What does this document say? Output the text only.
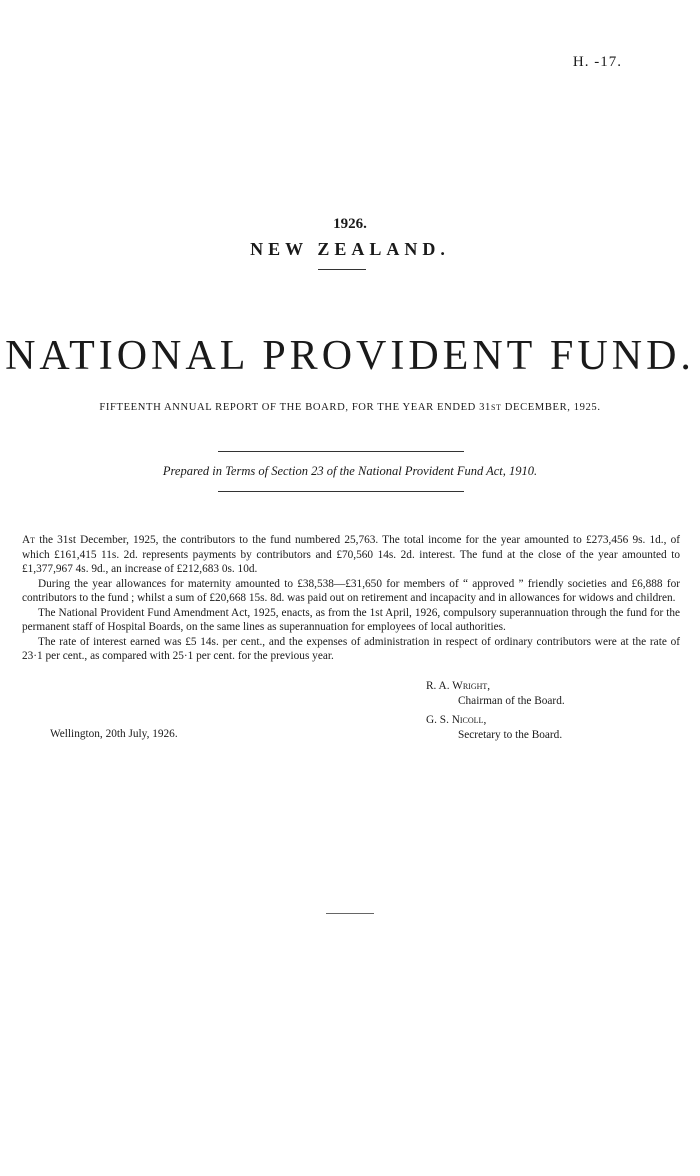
H. -17.
1926.
NEW ZEALAND.
NATIONAL PROVIDENT FUND.
FIFTEENTH ANNUAL REPORT OF THE BOARD, FOR THE YEAR ENDED 31ST DECEMBER, 1925.
Prepared in Terms of Section 23 of the National Provident Fund Act, 1910.

At the 31st December, 1925, the contributors to the fund numbered 25,763. The total income for the year amounted to £273,456 9s. 1d., of which £161,415 11s. 2d. represents payments by contributors and £70,560 14s. 2d. interest. The fund at the close of the year amounted to £1,377,967 4s. 9d., an increase of £212,683 0s. 10d.

During the year allowances for maternity amounted to £38,538—£31,650 for members of “ approved ” friendly societies and £6,888 for contributors to the fund ; whilst a sum of £20,668 15s. 8d. was paid out on retirement and incapacity and in allowances for widows and children.

The National Provident Fund Amendment Act, 1925, enacts, as from the 1st April, 1926, compulsory superannuation through the fund for the permanent staff of Hospital Boards, on the same lines as superannuation for employees of local authorities.

The rate of interest earned was £5 14s. per cent., and the expenses of administration in respect of ordinary contributors were at the rate of 23·1 per cent., as compared with 25·1 per cent. for the previous year.

R. A. Wright,
Chairman of the Board.
G. S. Nicoll,
Secretary to the Board.
Wellington, 20th July, 1926.
